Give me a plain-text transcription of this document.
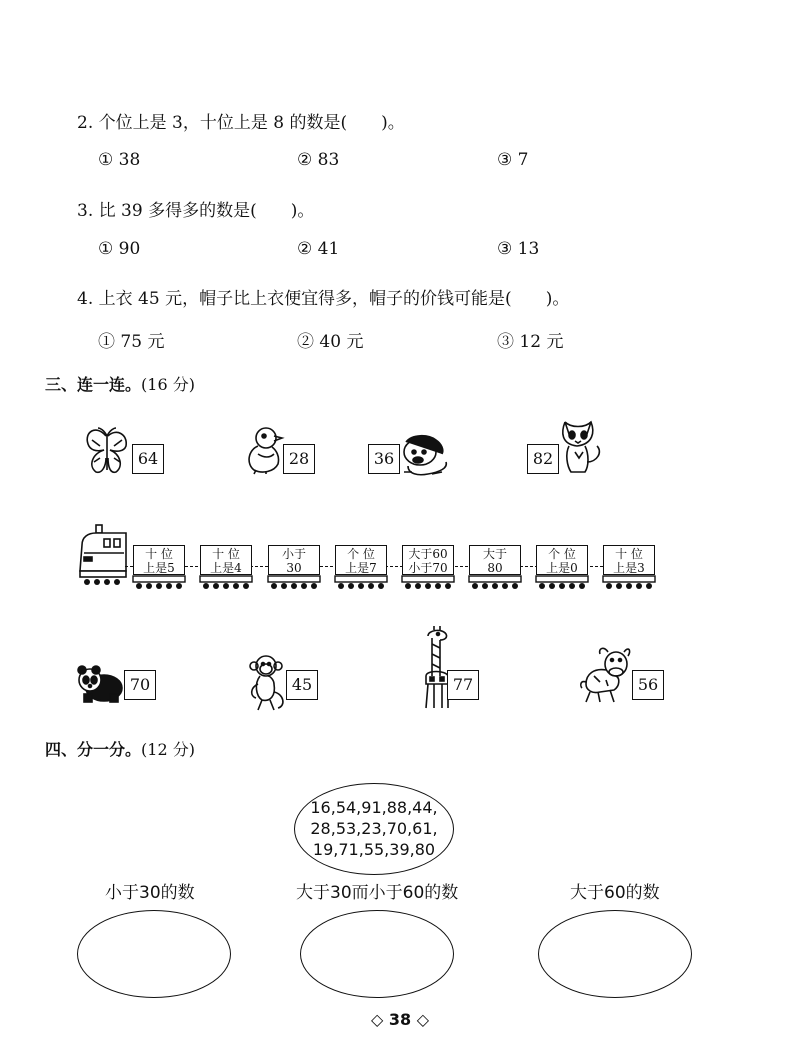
2. 个位上是 3，十位上是 8 的数是(　　)。
① 38	② 83	③ 7
3. 比 39 多得多的数是(　　)。
① 90	② 41	③ 13
4. 上衣 45 元，帽子比上衣便宜得多，帽子的价钱可能是(　　)。
① 75 元	② 40 元	③ 12 元
三、连一连。(16 分)
64	28	36	82
十 位
上是5
十 位
上是4
小于
30
个 位
上是7
大于60
小于70
大于
80
个 位
上是0
十 位
上是3
70	45	77	56
四、分一分。(12 分)
16,54,91,88,44,
28,53,23,70,61,
19,71,55,39,80
小于30的数	大于30而小于60的数	大于60的数
◇ 38 ◇
